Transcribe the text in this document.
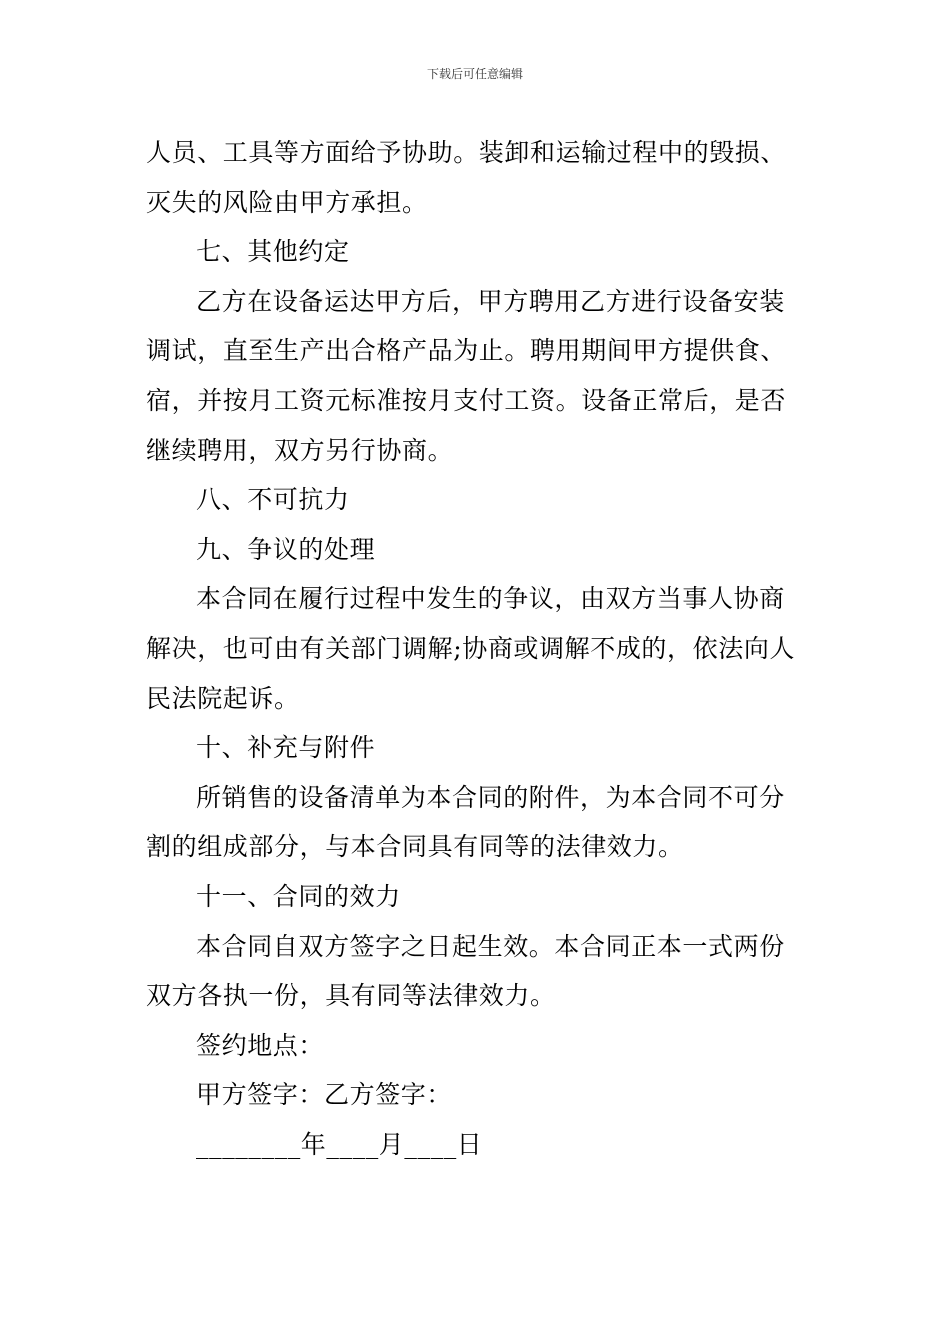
下载后可任意编辑

人员、工具等方面给予协助。装卸和运输过程中的毁损、灭失的风险由甲方承担。

七、其他约定

乙方在设备运达甲方后，甲方聘用乙方进行设备安装调试，直至生产出合格产品为止。聘用期间甲方提供食、宿，并按月工资元标准按月支付工资。设备正常后，是否继续聘用，双方另行协商。

八、不可抗力

九、争议的处理

本合同在履行过程中发生的争议，由双方当事人协商解决，也可由有关部门调解;协商或调解不成的，依法向人民法院起诉。

十、补充与附件

所销售的设备清单为本合同的附件，为本合同不可分割的组成部分，与本合同具有同等的法律效力。

十一、合同的效力

本合同自双方签字之日起生效。本合同正本一式两份双方各执一份，具有同等法律效力。

签约地点：

甲方签字：乙方签字：

________年____月____日
